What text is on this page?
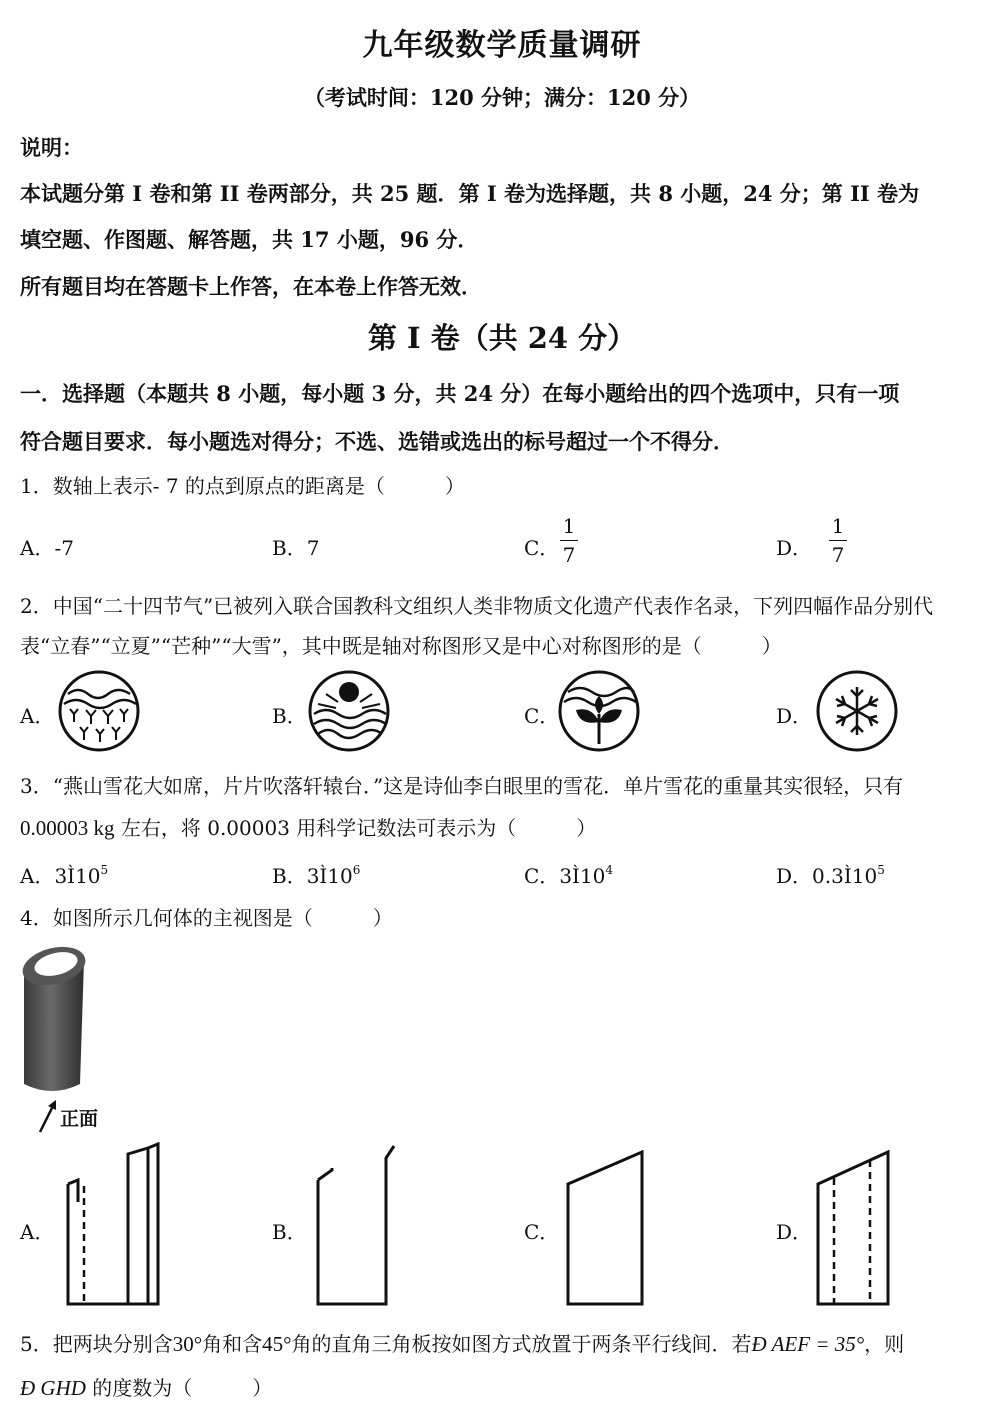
九年级数学质量调研
（考试时间：120 分钟；满分：120 分）
说明：
本试题分第 I 卷和第 II 卷两部分，共 25 题．第 I 卷为选择题，共 8 小题，24 分；第 II 卷为
填空题、作图题、解答题，共 17 小题，96 分．
所有题目均在答题卡上作答，在本卷上作答无效．
第 I 卷（共 24 分）
一．选择题（本题共 8 小题，每小题 3 分，共 24 分）在每小题给出的四个选项中，只有一项
符合题目要求．每小题选对得分；不选、选错或选出的标号超过一个不得分．
1．数轴上表示- 7 的点到原点的距离是（　　　）
A．-7	B．7	C．
1
7	D．
1
7
2．中国“二十四节气”已被列入联合国教科文组织人类非物质文化遗产代表作名录，下列四幅作品分别代
表“立春”“立夏”“芒种”“大雪”，其中既是轴对称图形又是中心对称图形的是（　　　）
A．	B．	C．	D．
3．“燕山雪花大如席，片片吹落轩辕台．”这是诗仙李白眼里的雪花．单片雪花的重量其实很轻，只有
0.00003 kg 左右，将 0.00003 用科学记数法可表示为（　　　）
A．$3Ì10^5$	B．$3Ì10^6$	C．$3Ì10^4$	D．$0.3Ì10^5$
4．如图所示几何体的主视图是（　　　）
正面
A．	B．	C．	D．
5．把两块分别含30°角和含45°角的直角三角板按如图方式放置于两条平行线间．若Ð AEF = 35°，则
Ð GHD 的度数为（　　　）
